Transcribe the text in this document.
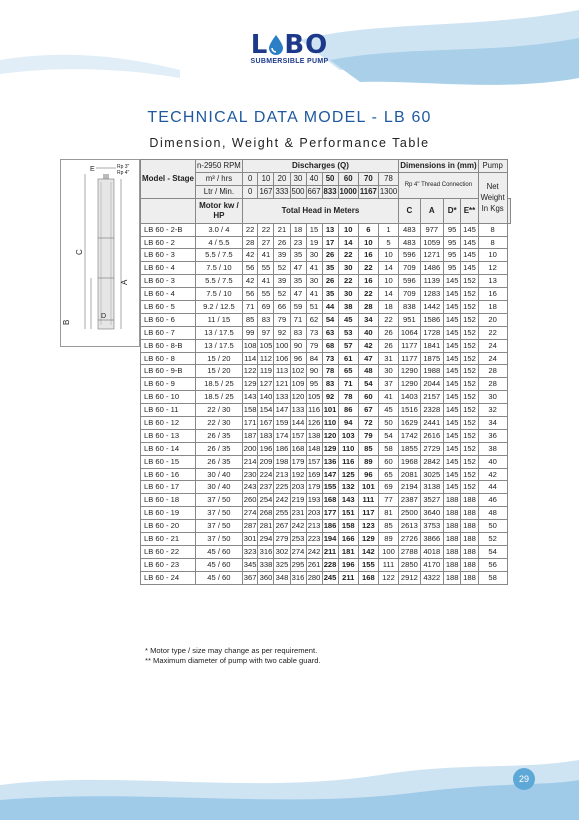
L BO
SUBMERSIBLE PUMP
TECHNICAL DATA MODEL - LB 60
Dimension, Weight & Performance Table
E	Rp 3"
Rp 4"
C
A
B
D
Model - Stage	n-2950 RPM	Discharges (Q)									Dimensions in (mm)				Pump	
	m³ / hrs	0	10	20	30	40	50	60	70	78	Rp 4" Thread Connection				Net Weight In Kgs	
	Ltr / Min.	0	167	333	500	667	833	1000	1167	1300						
	Motor kw / HP	Total Head in Meters									C	A	D*	E**		
LB 60 - 2-B	3.0 / 4	22	22	21	18	15	13	10	6	1	483	977	95	145	8	
LB 60 - 2	4 / 5.5	28	27	26	23	19	17	14	10	5	483	1059	95	145	8	
LB 60 - 3	5.5 / 7.5	42	41	39	35	30	26	22	16	10	596	1271	95	145	10	
LB 60 - 4	7.5 / 10	56	55	52	47	41	35	30	22	14	709	1486	95	145	12	
LB 60 - 3	5.5 / 7.5	42	41	39	35	30	26	22	16	10	596	1139	145	152	13	
LB 60 - 4	7.5 / 10	56	55	52	47	41	35	30	22	14	709	1283	145	152	16	
LB 60 - 5	9.2 / 12.5	71	69	66	59	51	44	38	28	18	838	1442	145	152	18	
LB 60 - 6	11 / 15	85	83	79	71	62	54	45	34	22	951	1586	145	152	20	
LB 60 - 7	13 / 17.5	99	97	92	83	73	63	53	40	26	1064	1728	145	152	22	
LB 60 - 8-B	13 / 17.5	108	105	100	90	79	68	57	42	26	1177	1841	145	152	24	
LB 60 - 8	15 / 20	114	112	106	96	84	73	61	47	31	1177	1875	145	152	24	
LB 60 - 9-B	15 / 20	122	119	113	102	90	78	65	48	30	1290	1988	145	152	28	
LB 60 - 9	18.5 / 25	129	127	121	109	95	83	71	54	37	1290	2044	145	152	28	
LB 60 - 10	18.5 / 25	143	140	133	120	105	92	78	60	41	1403	2157	145	152	30	
LB 60 - 11	22 / 30	158	154	147	133	116	101	86	67	45	1516	2328	145	152	32	
LB 60 - 12	22 / 30	171	167	159	144	126	110	94	72	50	1629	2441	145	152	34	
LB 60 - 13	26 / 35	187	183	174	157	138	120	103	79	54	1742	2616	145	152	36	
LB 60 - 14	26 / 35	200	196	186	168	148	129	110	85	58	1855	2729	145	152	38	
LB 60 - 15	26 / 35	214	209	198	179	157	136	116	89	60	1968	2842	145	152	40	
LB 60 - 16	30 / 40	230	224	213	192	169	147	125	96	65	2081	3025	145	152	42	
LB 60 - 17	30 / 40	243	237	225	203	179	155	132	101	69	2194	3138	145	152	44	
LB 60 - 18	37 / 50	260	254	242	219	193	168	143	111	77	2387	3527	188	188	46	
LB 60 - 19	37 / 50	274	268	255	231	203	177	151	117	81	2500	3640	188	188	48	
LB 60 - 20	37 / 50	287	281	267	242	213	186	158	123	85	2613	3753	188	188	50	
LB 60 - 21	37 / 50	301	294	279	253	223	194	166	129	89	2726	3866	188	188	52	
LB 60 - 22	45 / 60	323	316	302	274	242	211	181	142	100	2788	4018	188	188	54	
LB 60 - 23	45 / 60	345	338	325	295	261	228	196	155	111	2850	4170	188	188	56	
LB 60 - 24	45 / 60	367	360	348	316	280	245	211	168	122	2912	4322	188	188	58	
* Motor type / size may change as per requirement.
** Maximum diameter of pump with two cable guard.
29
